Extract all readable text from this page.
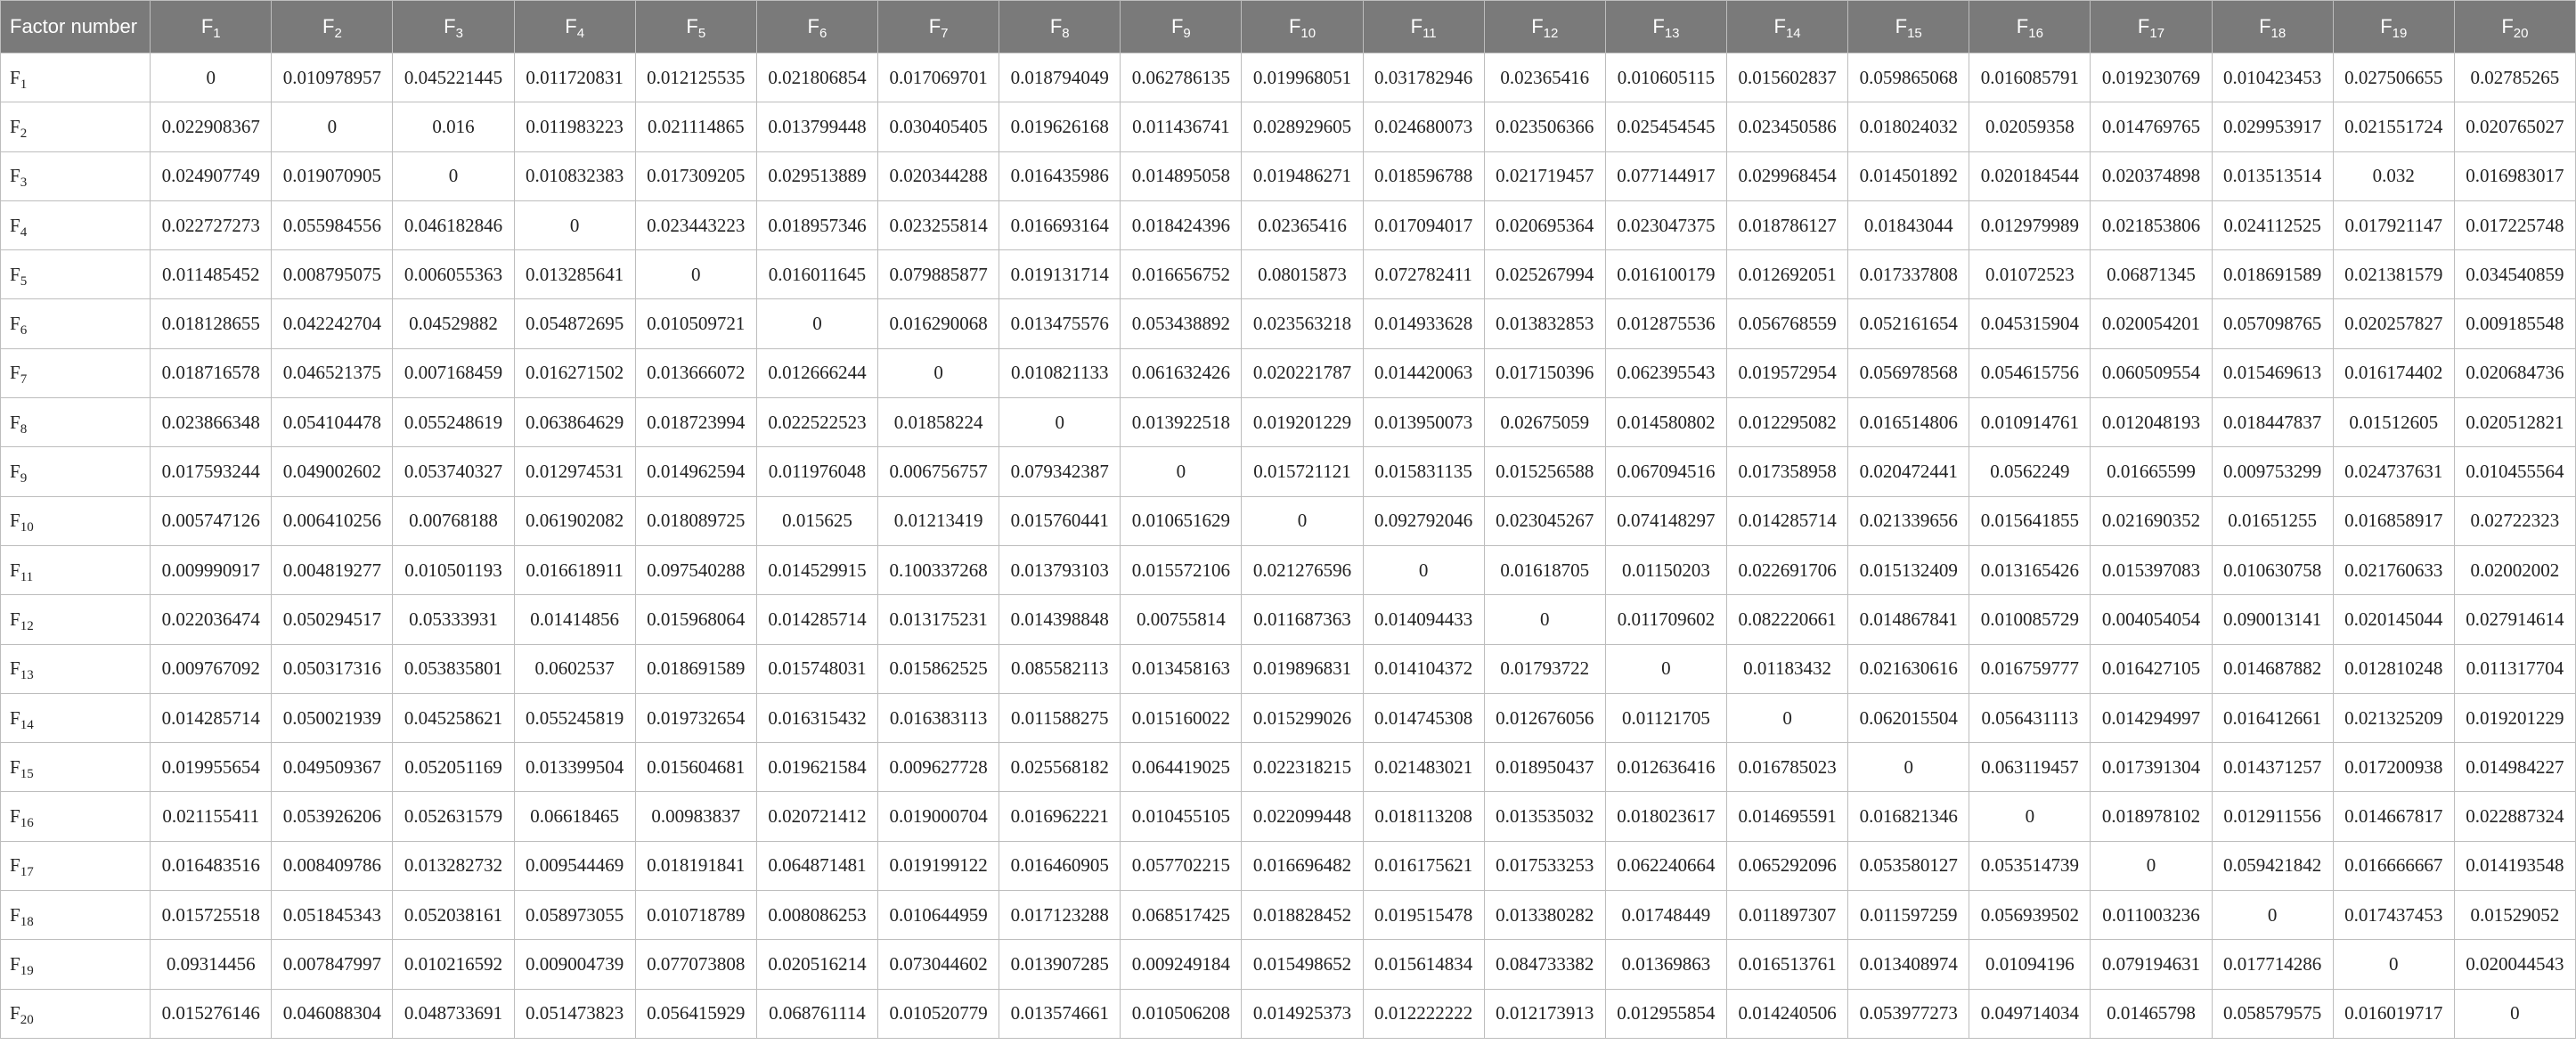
Factor number	$F_1$	$F_2$	$F_3$	$F_4$	$F_5$	$F_6$	$F_7$	$F_8$	$F_9$	$F_{10}$	$F_{11}$	$F_{12}$	$F_{13}$	$F_{14}$	$F_{15}$	$F_{16}$	$F_{17}$	$F_{18}$	$F_{19}$	$F_{20}$
$F_1$	0	0.010978957	0.045221445	0.011720831	0.012125535	0.021806854	0.017069701	0.018794049	0.062786135	0.019968051	0.031782946	0.02365416	0.010605115	0.015602837	0.059865068	0.016085791	0.019230769	0.010423453	0.027506655	0.02785265
$F_2$	0.022908367	0	0.016	0.011983223	0.021114865	0.013799448	0.030405405	0.019626168	0.011436741	0.028929605	0.024680073	0.023506366	0.025454545	0.023450586	0.018024032	0.02059358	0.014769765	0.029953917	0.021551724	0.020765027
$F_3$	0.024907749	0.019070905	0	0.010832383	0.017309205	0.029513889	0.020344288	0.016435986	0.014895058	0.019486271	0.018596788	0.021719457	0.077144917	0.029968454	0.014501892	0.020184544	0.020374898	0.013513514	0.032	0.016983017
$F_4$	0.022727273	0.055984556	0.046182846	0	0.023443223	0.018957346	0.023255814	0.016693164	0.018424396	0.02365416	0.017094017	0.020695364	0.023047375	0.018786127	0.01843044	0.012979989	0.021853806	0.024112525	0.017921147	0.017225748
$F_5$	0.011485452	0.008795075	0.006055363	0.013285641	0	0.016011645	0.079885877	0.019131714	0.016656752	0.08015873	0.072782411	0.025267994	0.016100179	0.012692051	0.017337808	0.01072523	0.06871345	0.018691589	0.021381579	0.034540859
$F_6$	0.018128655	0.042242704	0.04529882	0.054872695	0.010509721	0	0.016290068	0.013475576	0.053438892	0.023563218	0.014933628	0.013832853	0.012875536	0.056768559	0.052161654	0.045315904	0.020054201	0.057098765	0.020257827	0.009185548
$F_7$	0.018716578	0.046521375	0.007168459	0.016271502	0.013666072	0.012666244	0	0.010821133	0.061632426	0.020221787	0.014420063	0.017150396	0.062395543	0.019572954	0.056978568	0.054615756	0.060509554	0.015469613	0.016174402	0.020684736
$F_8$	0.023866348	0.054104478	0.055248619	0.063864629	0.018723994	0.022522523	0.01858224	0	0.013922518	0.019201229	0.013950073	0.02675059	0.014580802	0.012295082	0.016514806	0.010914761	0.012048193	0.018447837	0.01512605	0.020512821
$F_9$	0.017593244	0.049002602	0.053740327	0.012974531	0.014962594	0.011976048	0.006756757	0.079342387	0	0.015721121	0.015831135	0.015256588	0.067094516	0.017358958	0.020472441	0.0562249	0.01665599	0.009753299	0.024737631	0.010455564
$F_{10}$	0.005747126	0.006410256	0.00768188	0.061902082	0.018089725	0.015625	0.01213419	0.015760441	0.010651629	0	0.092792046	0.023045267	0.074148297	0.014285714	0.021339656	0.015641855	0.021690352	0.01651255	0.016858917	0.02722323
$F_{11}$	0.009990917	0.004819277	0.010501193	0.016618911	0.097540288	0.014529915	0.100337268	0.013793103	0.015572106	0.021276596	0	0.01618705	0.01150203	0.022691706	0.015132409	0.013165426	0.015397083	0.010630758	0.021760633	0.02002002
$F_{12}$	0.022036474	0.050294517	0.05333931	0.01414856	0.015968064	0.014285714	0.013175231	0.014398848	0.00755814	0.011687363	0.014094433	0	0.011709602	0.082220661	0.014867841	0.010085729	0.004054054	0.090013141	0.020145044	0.027914614
$F_{13}$	0.009767092	0.050317316	0.053835801	0.0602537	0.018691589	0.015748031	0.015862525	0.085582113	0.013458163	0.019896831	0.014104372	0.01793722	0	0.01183432	0.021630616	0.016759777	0.016427105	0.014687882	0.012810248	0.011317704
$F_{14}$	0.014285714	0.050021939	0.045258621	0.055245819	0.019732654	0.016315432	0.016383113	0.011588275	0.015160022	0.015299026	0.014745308	0.012676056	0.01121705	0	0.062015504	0.056431113	0.014294997	0.016412661	0.021325209	0.019201229
$F_{15}$	0.019955654	0.049509367	0.052051169	0.013399504	0.015604681	0.019621584	0.009627728	0.025568182	0.064419025	0.022318215	0.021483021	0.018950437	0.012636416	0.016785023	0	0.063119457	0.017391304	0.014371257	0.017200938	0.014984227
$F_{16}$	0.021155411	0.053926206	0.052631579	0.06618465	0.00983837	0.020721412	0.019000704	0.016962221	0.010455105	0.022099448	0.018113208	0.013535032	0.018023617	0.014695591	0.016821346	0	0.018978102	0.012911556	0.014667817	0.022887324
$F_{17}$	0.016483516	0.008409786	0.013282732	0.009544469	0.018191841	0.064871481	0.019199122	0.016460905	0.057702215	0.016696482	0.016175621	0.017533253	0.062240664	0.065292096	0.053580127	0.053514739	0	0.059421842	0.016666667	0.014193548
$F_{18}$	0.015725518	0.051845343	0.052038161	0.058973055	0.010718789	0.008086253	0.010644959	0.017123288	0.068517425	0.018828452	0.019515478	0.013380282	0.01748449	0.011897307	0.011597259	0.056939502	0.011003236	0	0.017437453	0.01529052
$F_{19}$	0.09314456	0.007847997	0.010216592	0.009004739	0.077073808	0.020516214	0.073044602	0.013907285	0.009249184	0.015498652	0.015614834	0.084733382	0.01369863	0.016513761	0.013408974	0.01094196	0.079194631	0.017714286	0	0.020044543
$F_{20}$	0.015276146	0.046088304	0.048733691	0.051473823	0.056415929	0.068761114	0.010520779	0.013574661	0.010506208	0.014925373	0.012222222	0.012173913	0.012955854	0.014240506	0.053977273	0.049714034	0.01465798	0.058579575	0.016019717	0
